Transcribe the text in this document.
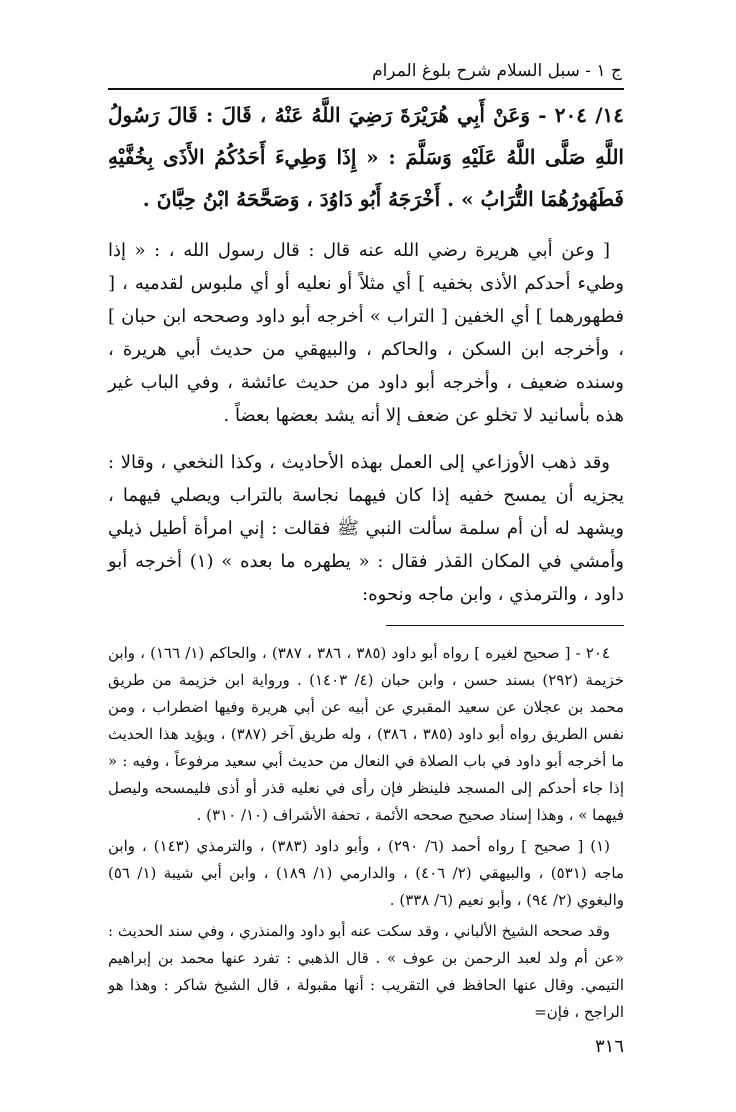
ج ١ - سبل السلام شرح بلوغ المرام

١٤/ ٢٠٤ - وَعَنْ أَبِي هُرَيْرَةَ رَضِيَ اللَّهُ عَنْهُ ، قَالَ : قَالَ رَسُولُ اللَّهِ صَلَّى اللَّهُ عَلَيْهِ وَسَلَّمَ : « إِذَا وَطِيءَ أَحَدُكُمُ الأَذَى بِخُفَّيْهِ فَطَهُورُهُمَا التُّرَابُ » . أَخْرَجَهُ أَبُو دَاوُدَ ، وَصَحَّحَهُ ابْنُ حِبَّانَ .

[ وعن أبي هريرة رضي الله عنه قال : قال رسول الله ، : « إذا وطيء أحدكم الأذى بخفيه ] أي مثلاً أو نعليه أو أي ملبوس لقدميه ، [ فطهورهما ] أي الخفين [ التراب » أخرجه أبو داود وصححه ابن حبان ] ، وأخرجه ابن السكن ، والحاكم ، والبيهقي من حديث أبي هريرة ، وسنده ضعيف ، وأخرجه أبو داود من حديث عائشة ، وفي الباب غير هذه بأسانيد لا تخلو عن ضعف إلا أنه يشد بعضها بعضاً .

وقد ذهب الأوزاعي إلى العمل بهذه الأحاديث ، وكذا النخعي ، وقالا : يجزيه أن يمسح خفيه إذا كان فيهما نجاسة بالتراب ويصلي فيهما ، ويشهد له أن أم سلمة سألت النبي ﷺ فقالت : إني امرأة أطيل ذيلي وأمشي في المكان القذر فقال : « يطهره ما بعده » (١) أخرجه أبو داود ، والترمذي ، وابن ماجه ونحوه:

٢٠٤ - [ صحيح لغيره ] رواه أبو داود (٣٨٥ ، ٣٨٦ ، ٣٨٧) ، والحاكم (١/ ١٦٦) ، وابن خزيمة (٢٩٢) بسند حسن ، وابن حبان (٤/ ١٤٠٣) . ورواية ابن خزيمة من طريق محمد بن عجلان عن سعيد المقبري عن أبيه عن أبي هريرة وفيها اضطراب ، ومن نفس الطريق رواه أبو داود (٣٨٥ ، ٣٨٦) ، وله طريق آخر (٣٨٧) ، ويؤيد هذا الحديث ما أخرجه أبو داود في باب الصلاة في النعال من حديث أبي سعيد مرفوعاً ، وفيه : « إذا جاء أحدكم إلى المسجد فلينظر فإن رأى في نعليه قذر أو أذى فليمسحه وليصل فيهما » ، وهذا إسناد صحيح صححه الأئمة ، تحفة الأشراف (١٠/ ٣١٠) .

(١) [ صحيح ] رواه أحمد (٦/ ٢٩٠) ، وأبو داود (٣٨٣) ، والترمذي (١٤٣) ، وابن ماجه (٥٣١) ، والبيهقي (٢/ ٤٠٦) ، والدارمي (١/ ١٨٩) ، وابن أبي شيبة (١/ ٥٦) والبغوي (٢/ ٩٤) ، وأبو نعيم (٦/ ٣٣٨) .

وقد صححه الشيخ الألباني ، وقد سكت عنه أبو داود والمنذري ، وفي سند الحديث : «عن أم ولد لعبد الرحمن بن عوف » . قال الذهبي : تفرد عنها محمد بن إبراهيم التيمي. وقال عنها الحافظ في التقريب : أنها مقبولة ، قال الشيخ شاكر : وهذا هو الراجح ، فإن=

٣١٦
